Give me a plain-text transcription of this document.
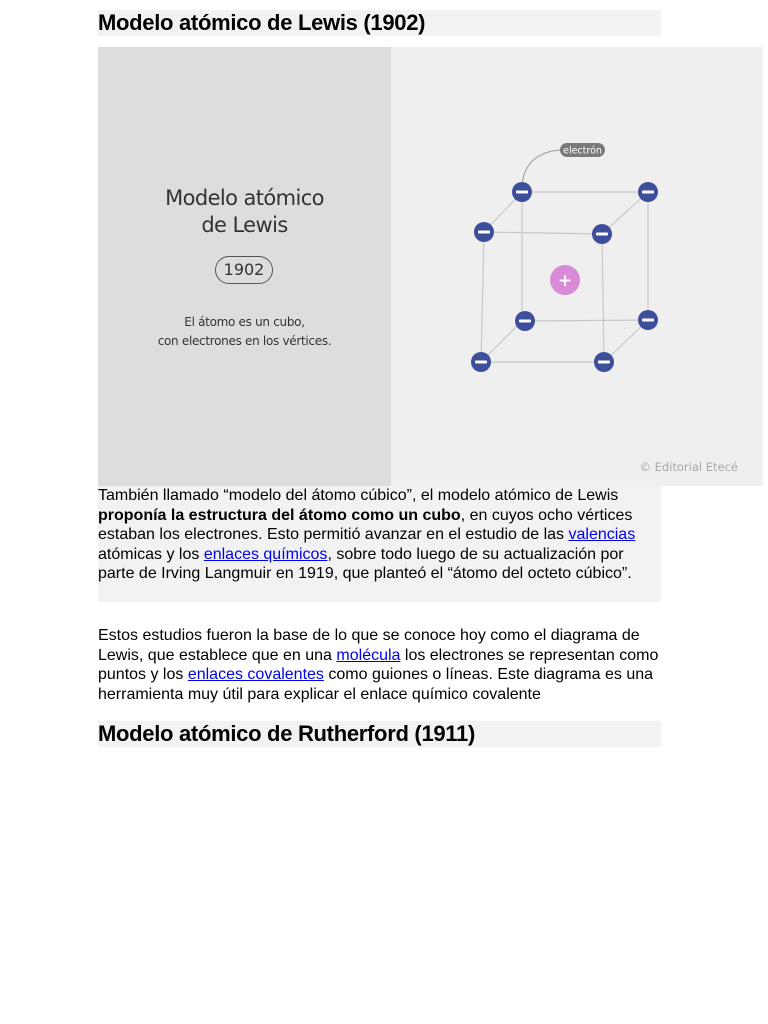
Modelo atómico de Lewis (1902)
Modelo atómico
de Lewis
1902
El átomo es un cubo,
con electrones en los vértices.
electrón
+
© Editorial Etecé

También llamado “modelo del átomo cúbico”, el modelo atómico de Lewis proponía la estructura del átomo como un cubo, en cuyos ocho vértices estaban los electrones. Esto permitió avanzar en el estudio de las valencias atómicas y los enlaces químicos, sobre todo luego de su actualización por parte de Irving Langmuir en 1919, que planteó el “átomo del octeto cúbico”.

Estos estudios fueron la base de lo que se conoce hoy como el diagrama de Lewis, que establece que en una molécula los electrones se representan como puntos y los enlaces covalentes como guiones o líneas. Este diagrama es una herramienta muy útil para explicar el enlace químico covalente

Modelo atómico de Rutherford (1911)
